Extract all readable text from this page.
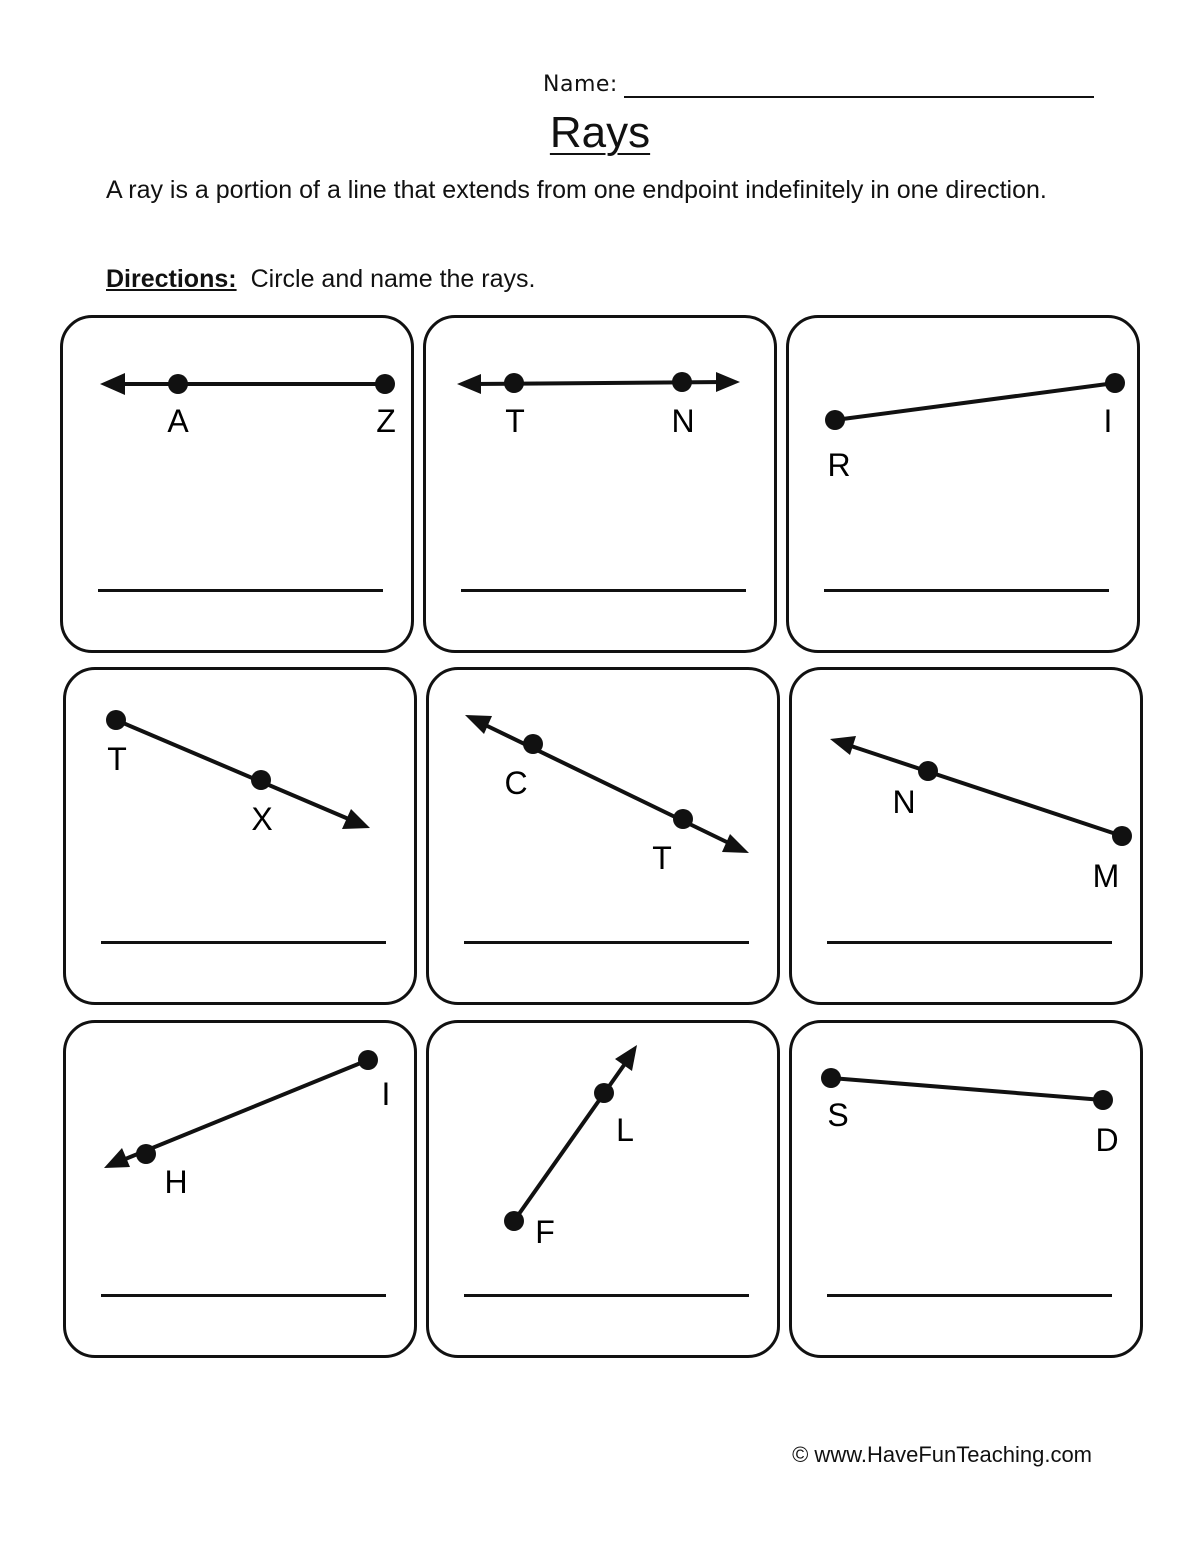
Name:
Rays
A ray is a portion of a line that extends from one endpoint indefinitely in one direction.
Directions: Circle and name the rays.
A	Z	T	N
R
I
T
X
C
T
N
M
I
H
L
F
S
D
© www.HaveFunTeaching.com
